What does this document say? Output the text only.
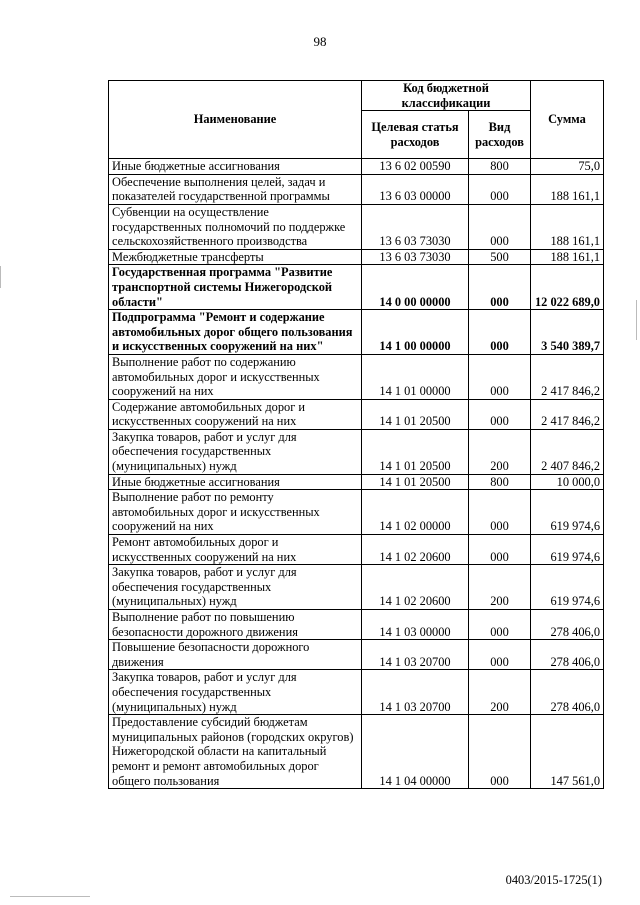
98
Наименование	Код бюджетной классификации		Сумма
	Целевая статья расходов	Вид расходов	
Иные бюджетные ассигнования	13 6 02 00590	800	75,0
Обеспечение выполнения целей, задач и показателей государственной программы	13 6 03 00000	000	188 161,1
Субвенции на осуществление государственных полномочий по поддержке сельскохозяйственного производства	13 6 03 73030	000	188 161,1
Межбюджетные трансферты	13 6 03 73030	500	188 161,1
Государственная программа "Развитие транспортной системы Нижегородской области"	14 0 00 00000	000	12 022 689,0
Подпрограмма "Ремонт и содержание автомобильных дорог общего пользования и искусственных сооружений на них"	14 1 00 00000	000	3 540 389,7
Выполнение работ по содержанию автомобильных дорог и искусственных сооружений на них	14 1 01 00000	000	2 417 846,2
Содержание автомобильных дорог и искусственных сооружений на них	14 1 01 20500	000	2 417 846,2
Закупка товаров, работ и услуг для обеспечения государственных (муниципальных) нужд	14 1 01 20500	200	2 407 846,2
Иные бюджетные ассигнования	14 1 01 20500	800	10 000,0
Выполнение работ по ремонту автомобильных дорог и искусственных сооружений на них	14 1 02 00000	000	619 974,6
Ремонт автомобильных дорог и искусственных сооружений на них	14 1 02 20600	000	619 974,6
Закупка товаров, работ и услуг для обеспечения государственных (муниципальных) нужд	14 1 02 20600	200	619 974,6
Выполнение работ по повышению безопасности дорожного движения	14 1 03 00000	000	278 406,0
Повышение безопасности дорожного движения	14 1 03 20700	000	278 406,0
Закупка товаров, работ и услуг для обеспечения государственных (муниципальных) нужд	14 1 03 20700	200	278 406,0
Предоставление субсидий бюджетам муниципальных районов (городских округов) Нижегородской области на капитальный ремонт и ремонт автомобильных дорог общего пользования	14 1 04 00000	000	147 561,0
0403/2015-1725(1)
